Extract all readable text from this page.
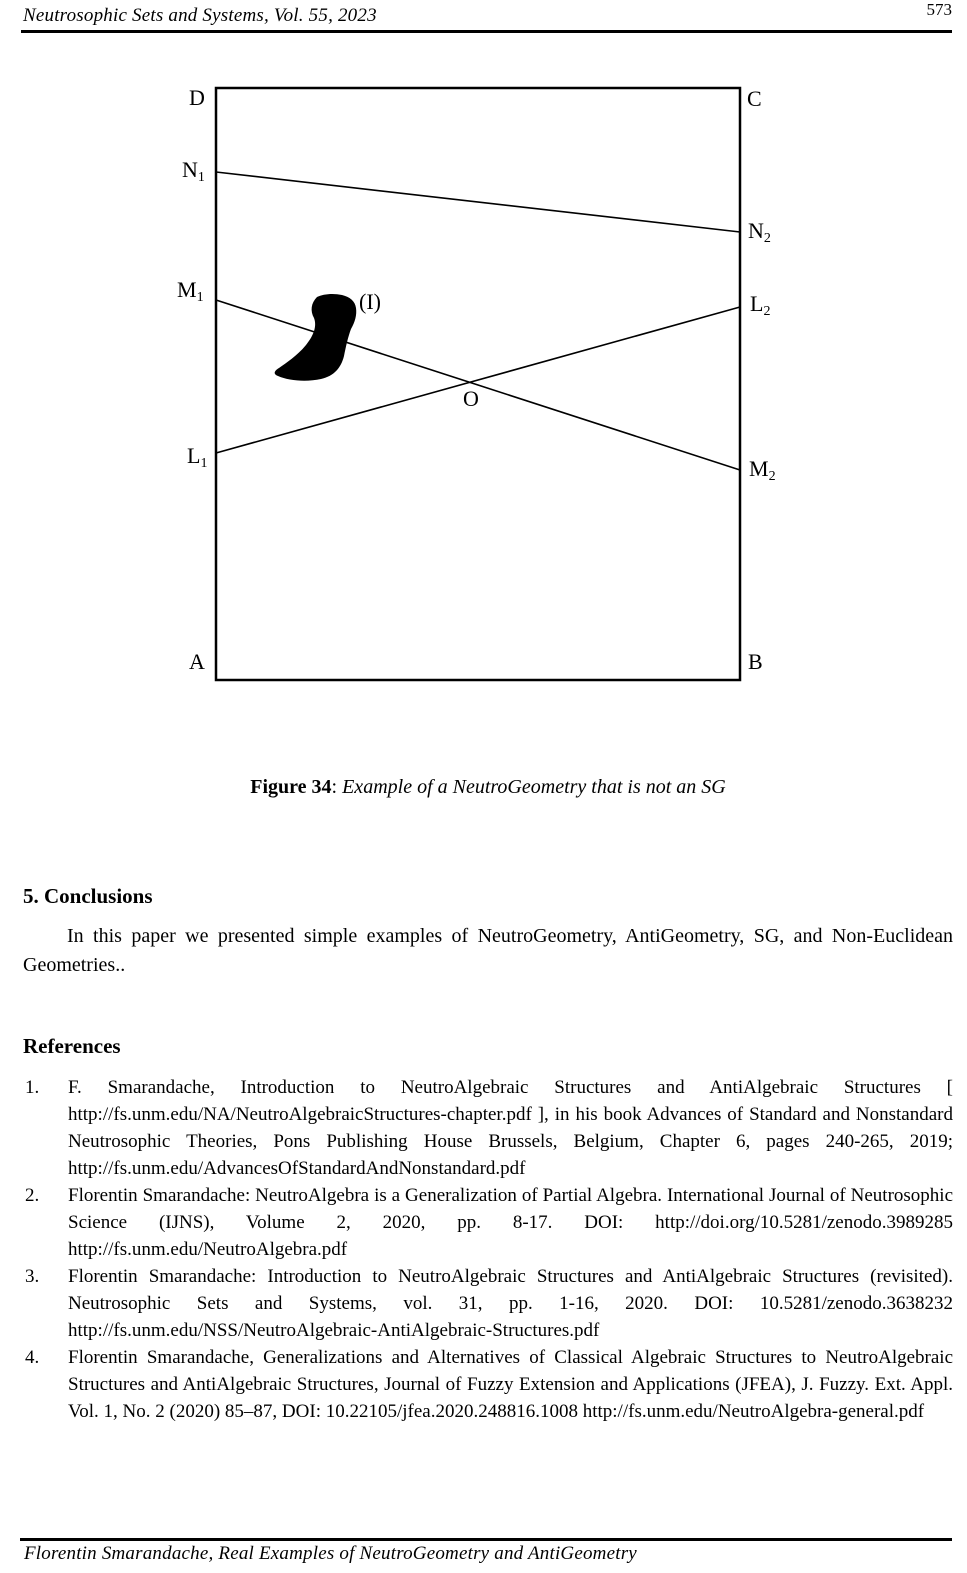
Neutrosophic Sets and Systems, Vol. 55, 2023	573
D	C
A	B
$N_1$
$N_2$
$M_1$	$L_2$
$L_1$	$M_2$
O
(I)
Figure 34: Example of a NeutroGeometry that is not an SG
5. Conclusions

In this paper we presented simple examples of NeutroGeometry, AntiGeometry, SG, and Non-Euclidean Geometries..

References
1. F. Smarandache, Introduction to NeutroAlgebraic Structures and AntiAlgebraic Structures [ http://fs.unm.edu/NA/NeutroAlgebraicStructures-chapter.pdf ], in his book Advances of Standard and Nonstandard Neutrosophic Theories, Pons Publishing House Brussels, Belgium, Chapter 6, pages 240-265, 2019; http://fs.unm.edu/AdvancesOfStandardAndNonstandard.pdf
2. Florentin Smarandache: NeutroAlgebra is a Generalization of Partial Algebra. International Journal of Neutrosophic Science (IJNS), Volume 2, 2020, pp. 8-17. DOI: http://doi.org/10.5281/zenodo.3989285 http://fs.unm.edu/NeutroAlgebra.pdf
3. Florentin Smarandache: Introduction to NeutroAlgebraic Structures and AntiAlgebraic Structures (revisited). Neutrosophic Sets and Systems, vol. 31, pp. 1-16, 2020. DOI: 10.5281/zenodo.3638232 http://fs.unm.edu/NSS/NeutroAlgebraic-AntiAlgebraic-Structures.pdf
4. Florentin Smarandache, Generalizations and Alternatives of Classical Algebraic Structures to NeutroAlgebraic Structures and AntiAlgebraic Structures, Journal of Fuzzy Extension and Applications (JFEA), J. Fuzzy. Ext. Appl. Vol. 1, No. 2 (2020) 85–87, DOI: 10.22105/jfea.2020.248816.1008 http://fs.unm.edu/NeutroAlgebra-general.pdf
Florentin Smarandache, Real Examples of NeutroGeometry and AntiGeometry
